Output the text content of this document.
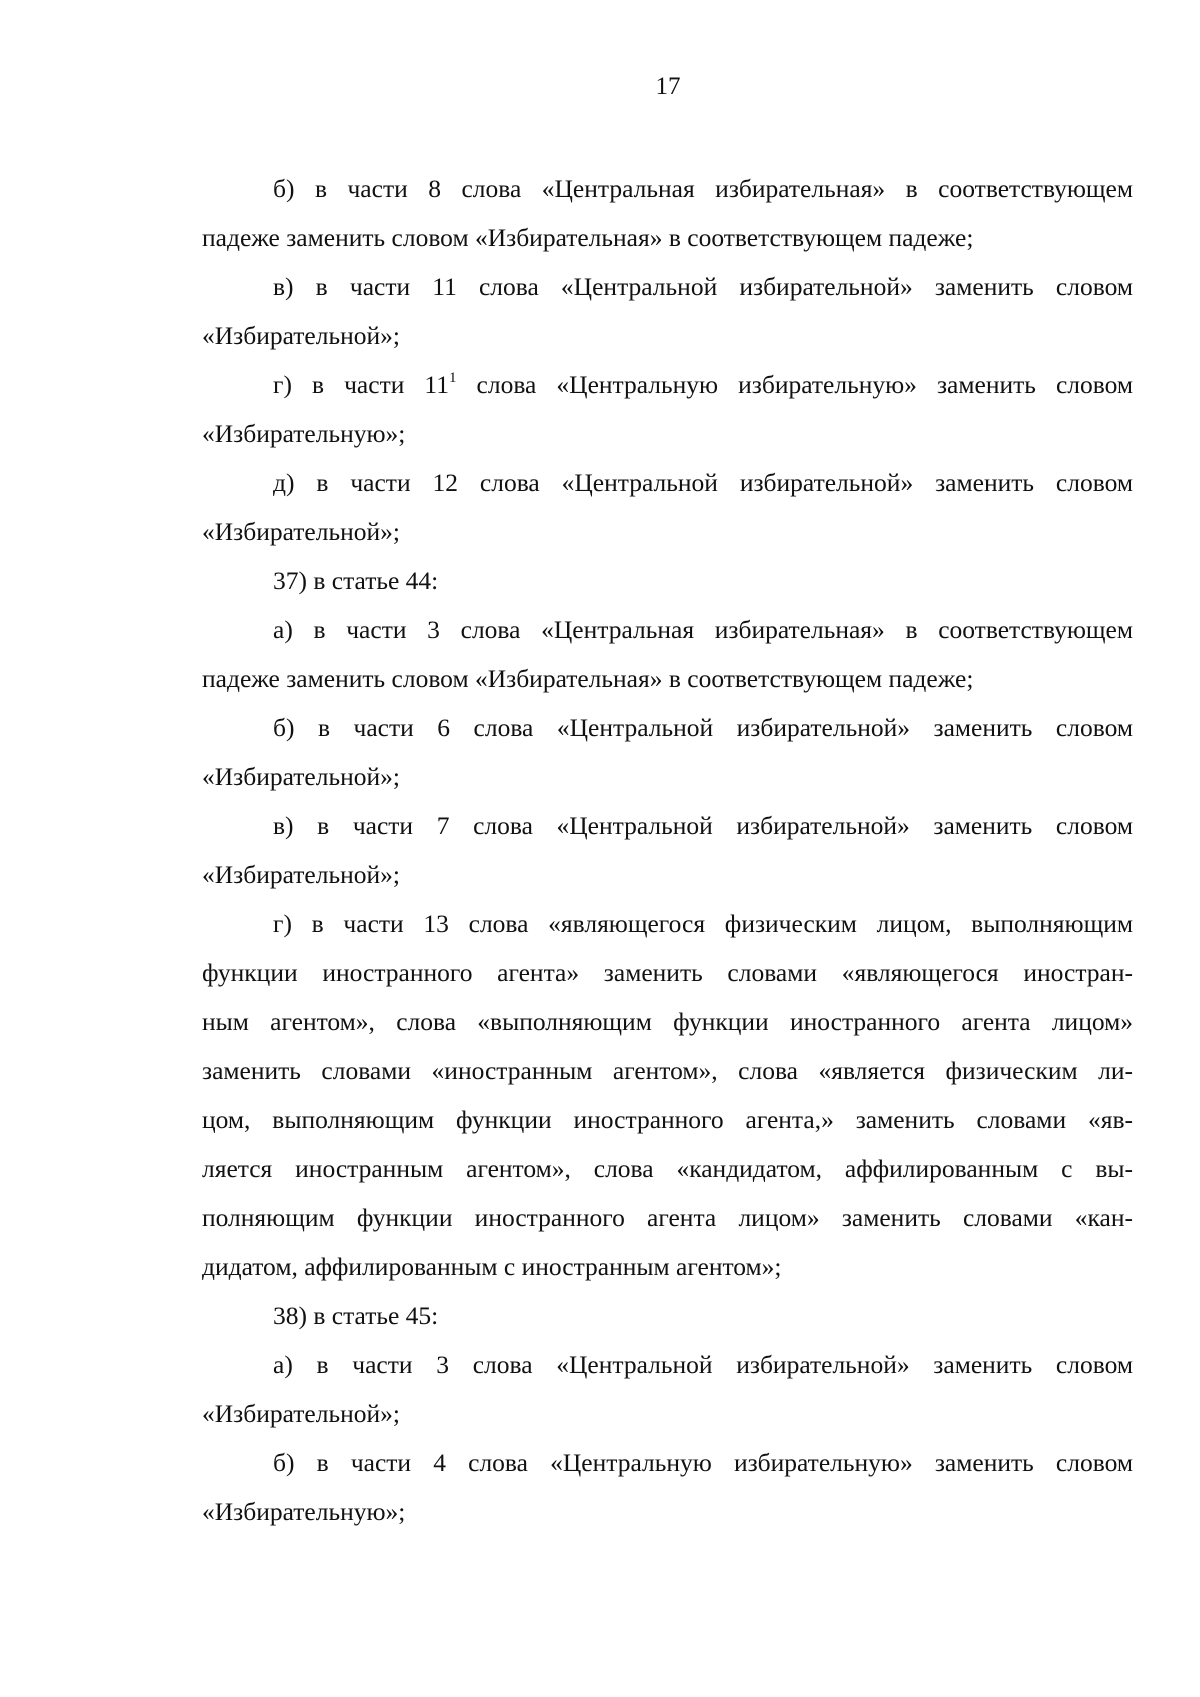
17

б) в части 8 слова «Центральная избирательная» в соответствующем
падеже заменить словом «Избирательная» в соответствующем падеже;

в) в части 11 слова «Центральной избирательной» заменить словом
«Избирательной»;

г) в части $11^1$ слова «Центральную избирательную» заменить словом
«Избирательную»;

д) в части 12 слова «Центральной избирательной» заменить словом
«Избирательной»;

37) в статье 44:

а) в части 3 слова «Центральная избирательная» в соответствующем
падеже заменить словом «Избирательная» в соответствующем падеже;

б) в части 6 слова «Центральной избирательной» заменить словом
«Избирательной»;

в) в части 7 слова «Центральной избирательной» заменить словом
«Избирательной»;

г) в части 13 слова «являющегося физическим лицом, выполняющим
функции иностранного агента» заменить словами «являющегося иностран-
ным агентом», слова «выполняющим функции иностранного агента лицом»
заменить словами «иностранным агентом», слова «является физическим ли-
цом, выполняющим функции иностранного агента,» заменить словами «яв-
ляется иностранным агентом», слова «кандидатом, аффилированным с вы-
полняющим функции иностранного агента лицом» заменить словами «кан-
дидатом, аффилированным с иностранным агентом»;

38) в статье 45:

а) в части 3 слова «Центральной избирательной» заменить словом
«Избирательной»;

б) в части 4 слова «Центральную избирательную» заменить словом
«Избирательную»;
